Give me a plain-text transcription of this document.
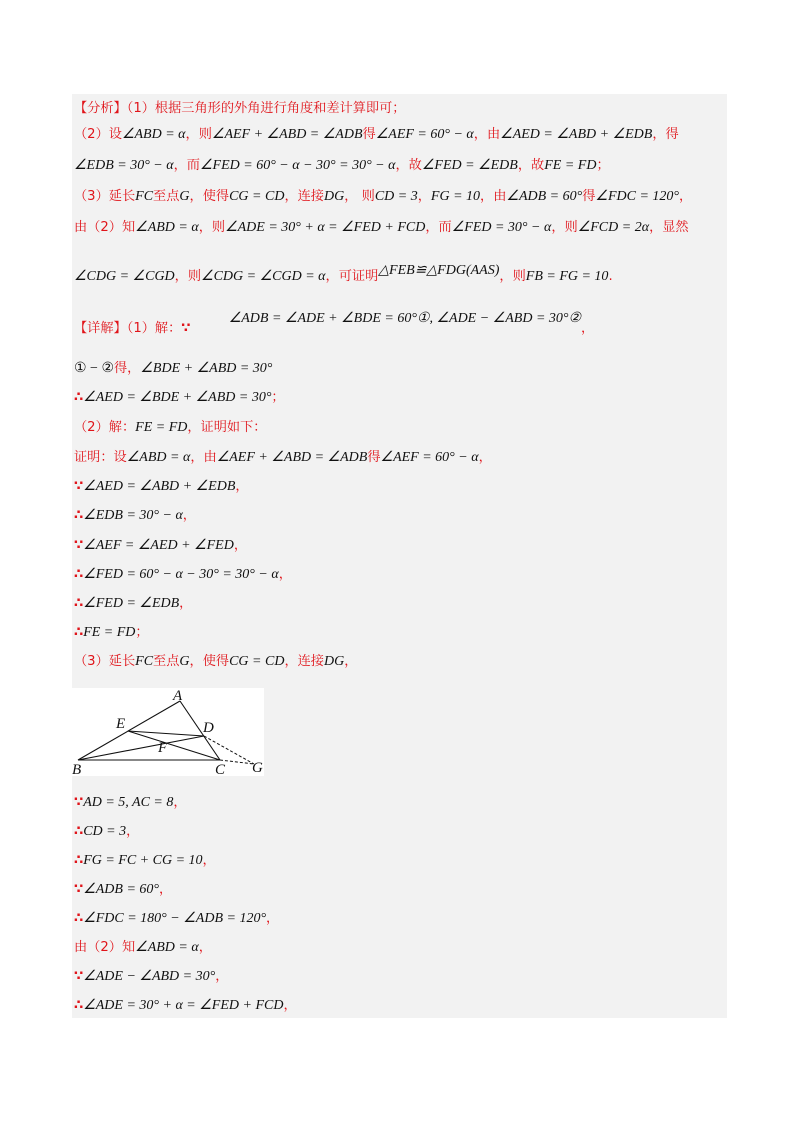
【分析】（1）根据三角形的外角进行角度和差计算即可；
（2）设∠ABD = α，则∠AEF + ∠ABD = ∠ADB得∠AEF = 60° − α，由∠AED = ∠ABD + ∠EDB，得
∠EDB = 30° − α，而∠FED = 60° − α − 30° = 30° − α，故∠FED = ∠EDB，故FE = FD；
（3）延长FC至点G，使得CG = CD，连接DG， 则CD = 3，FG = 10，由∠ADB = 60°得∠FDC = 120°，
由（2）知∠ABD = α，则∠ADE = 30° + α = ∠FED + FCD，而∠FED = 30° − α，则∠FCD = 2α，显然
∠CDG = ∠CGD，则∠CDG = ∠CGD = α，可证明△FEB≌△FDG(AAS)，则FB = FG = 10.
【详解】（1）解：∵ ∠ADB = ∠ADE + ∠BDE = 60°①, ∠ADE − ∠ABD = 30°②，
① − ②得，∠BDE + ∠ABD = 30°
∴∠AED = ∠BDE + ∠ABD = 30°；
（2）解：FE = FD，证明如下：
证明：设∠ABD = α，由∠AEF + ∠ABD = ∠ADB得∠AEF = 60° − α，
∵∠AED = ∠ABD + ∠EDB，
∴∠EDB = 30° − α，
∵∠AEF = ∠AED + ∠FED，
∴∠FED = 60° − α − 30° = 30° − α，
∴∠FED = ∠EDB，
∴FE = FD；
（3）延长FC至点G，使得CG = CD，连接DG，
A
B	C
D
E
F
G
∵AD = 5, AC = 8，
∴CD = 3，
∴FG = FC + CG = 10，
∵∠ADB = 60°，
∴∠FDC = 180° − ∠ADB = 120°，
由（2）知∠ABD = α，
∵∠ADE − ∠ABD = 30°，
∴∠ADE = 30° + α = ∠FED + FCD，
